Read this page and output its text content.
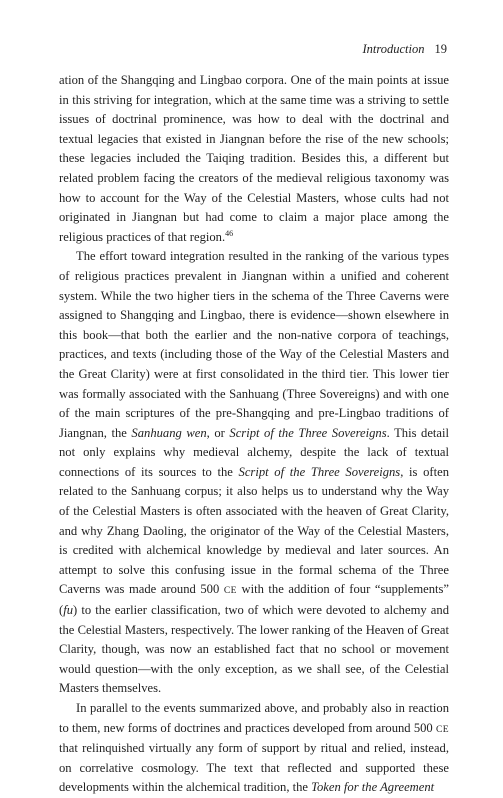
Introduction 19

ation of the Shangqing and Lingbao corpora. One of the main points at issue in this striving for integration, which at the same time was a striving to settle issues of doctrinal prominence, was how to deal with the doctrinal and textual legacies that existed in Jiangnan before the rise of the new schools; these legacies included the Taiqing tradition. Besides this, a different but related problem facing the creators of the medieval religious taxonomy was how to account for the Way of the Celestial Masters, whose cults had not originated in Jiangnan but had come to claim a major place among the religious practices of that region.$^{46}$

The effort toward integration resulted in the ranking of the various types of religious practices prevalent in Jiangnan within a unified and coherent system. While the two higher tiers in the schema of the Three Caverns were assigned to Shangqing and Lingbao, there is evidence—shown elsewhere in this book—that both the earlier and the non-native corpora of teachings, practices, and texts (including those of the Way of the Celestial Masters and the Great Clarity) were at first consolidated in the third tier. This lower tier was formally associated with the Sanhuang (Three Sovereigns) and with one of the main scriptures of the pre-Shangqing and pre-Lingbao traditions of Jiangnan, the Sanhuang wen, or Script of the Three Sovereigns. This detail not only explains why medieval alchemy, despite the lack of textual connections of its sources to the Script of the Three Sovereigns, is often related to the Sanhuang corpus; it also helps us to understand why the Way of the Celestial Masters is often associated with the heaven of Great Clarity, and why Zhang Daoling, the originator of the Way of the Celestial Masters, is credited with alchemical knowledge by medieval and later sources. An attempt to solve this confusing issue in the formal schema of the Three Caverns was made around 500 CE with the addition of four “supplements” (fu) to the earlier classification, two of which were devoted to alchemy and the Celestial Masters, respectively. The lower ranking of the Heaven of Great Clarity, though, was now an established fact that no school or movement would question—with the only exception, as we shall see, of the Celestial Masters themselves.

In parallel to the events summarized above, and probably also in reaction to them, new forms of doctrines and practices developed from around 500 CE that relinquished virtually any form of support by ritual and relied, instead, on correlative cosmology. The text that reflected and supported these developments within the alchemical tradition, the Token for the Agreement
